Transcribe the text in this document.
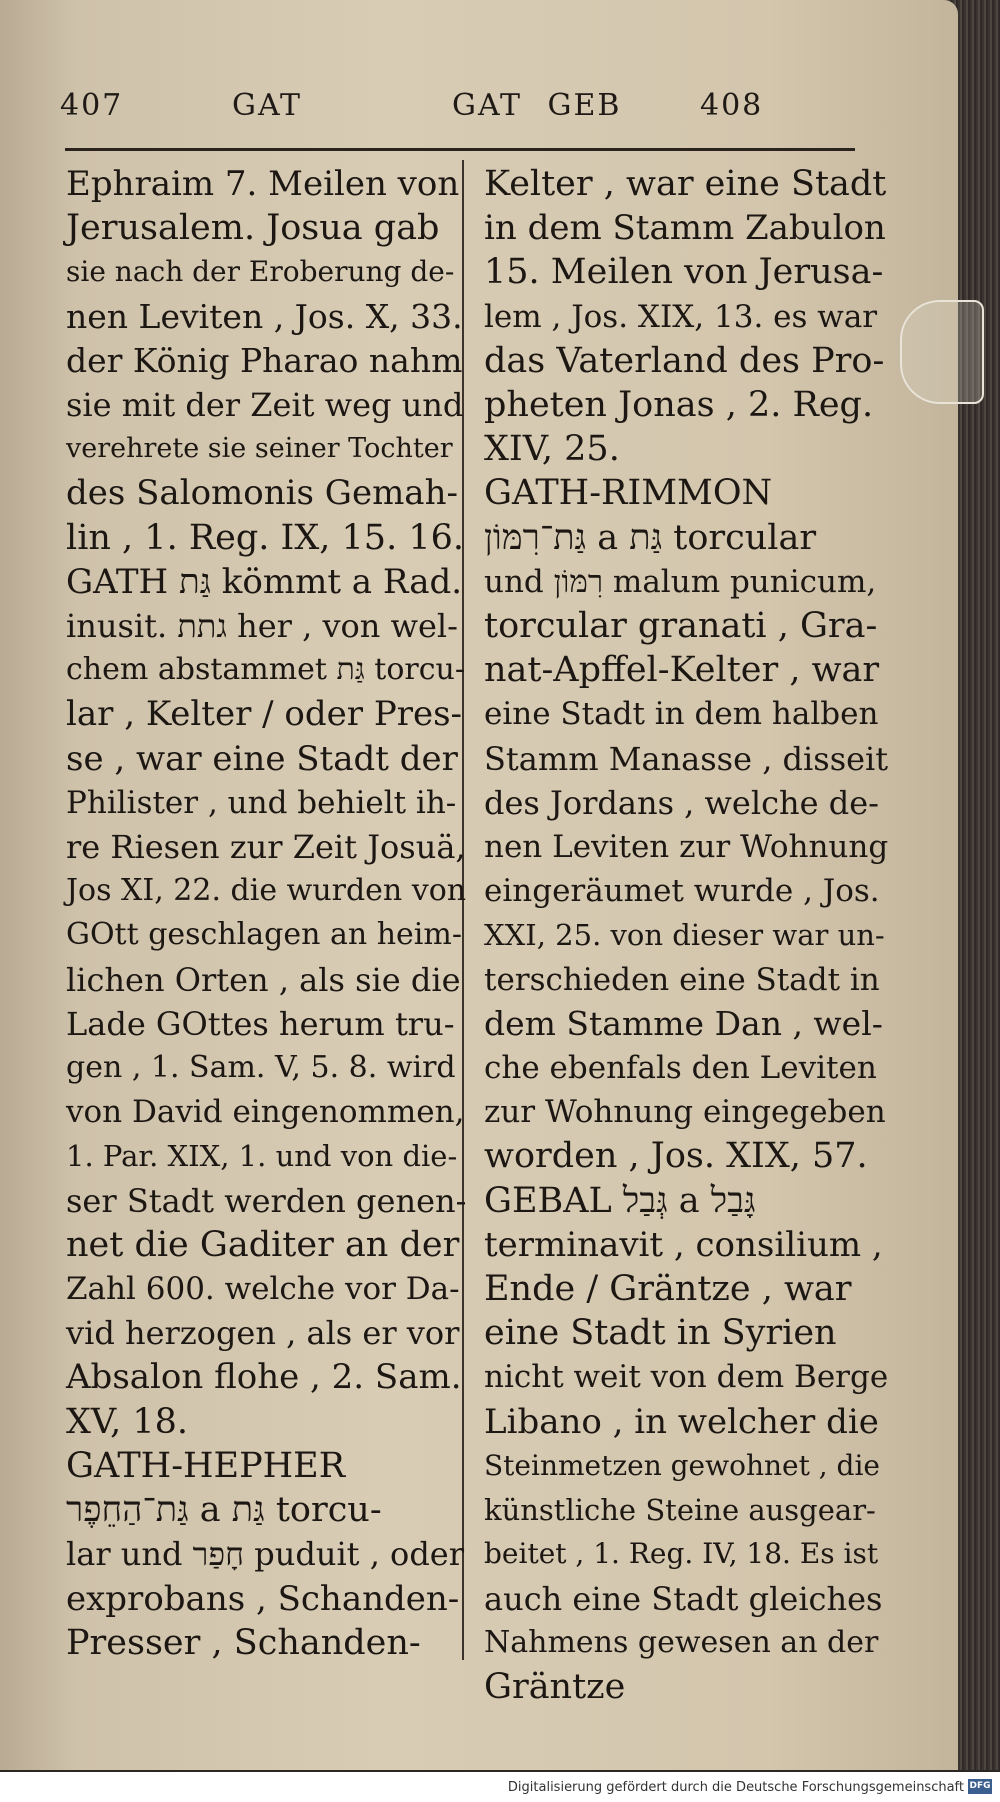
407	GAT	GAT GEB	408

Ephraim 7. Meilen von

Jerusalem. Josua gab

sie nach der Eroberung de-

nen Leviten , Jos. X, 33.

der König Pharao nahm

sie mit der Zeit weg und

verehrete sie seiner Tochter

des Salomonis Gemah-

lin , 1. Reg. IX, 15. 16.

GATH גַּת kömmt a Rad.

inusit. גתת her , von wel-

chem abstammet גַּת torcu-

lar , Kelter / oder Pres-

se , war eine Stadt der

Philister , und behielt ih-

re Riesen zur Zeit Josuä,

Jos XI, 22. die wurden von

GOtt geschlagen an heim-

lichen Orten , als sie die

Lade GOttes herum tru-

gen , 1. Sam. V, 5. 8. wird

von David eingenommen,

1. Par. XIX, 1. und von die-

ser Stadt werden genen-

net die Gaditer an der

Zahl 600. welche vor Da-

vid herzogen , als er vor

Absalon flohe , 2. Sam.

XV, 18.

GATH-HEPHER

גַּת־הַחֵפֶר a גַּת torcu-

lar und חָפַר puduit , oder

exprobans , Schanden-

Presser , Schanden-

Kelter , war eine Stadt

in dem Stamm Zabulon

15. Meilen von Jerusa-

lem , Jos. XIX, 13. es war

das Vaterland des Pro-

pheten Jonas , 2. Reg.

XIV, 25.

GATH-RIMMON

גַּת־רִמּוֹן a גַּת torcular

und רִמּוֹן malum punicum,

torcular granati , Gra-

nat-Apffel-Kelter , war

eine Stadt in dem halben

Stamm Manasse , disseit

des Jordans , welche de-

nen Leviten zur Wohnung

eingeräumet wurde , Jos.

XXI, 25. von dieser war un-

terschieden eine Stadt in

dem Stamme Dan , wel-

che ebenfals den Leviten

zur Wohnung eingegeben

worden , Jos. XIX, 57.

GEBAL גְּבַל a גָּבַל

terminavit , consilium ,

Ende / Gräntze , war

eine Stadt in Syrien

nicht weit von dem Berge

Libano , in welcher die

Steinmetzen gewohnet , die

künstliche Steine ausgear-

beitet , 1. Reg. IV, 18. Es ist

auch eine Stadt gleiches

Nahmens gewesen an der

Gräntze

Digitalisierung gefördert durch die Deutsche Forschungsgemeinschaft DFG
